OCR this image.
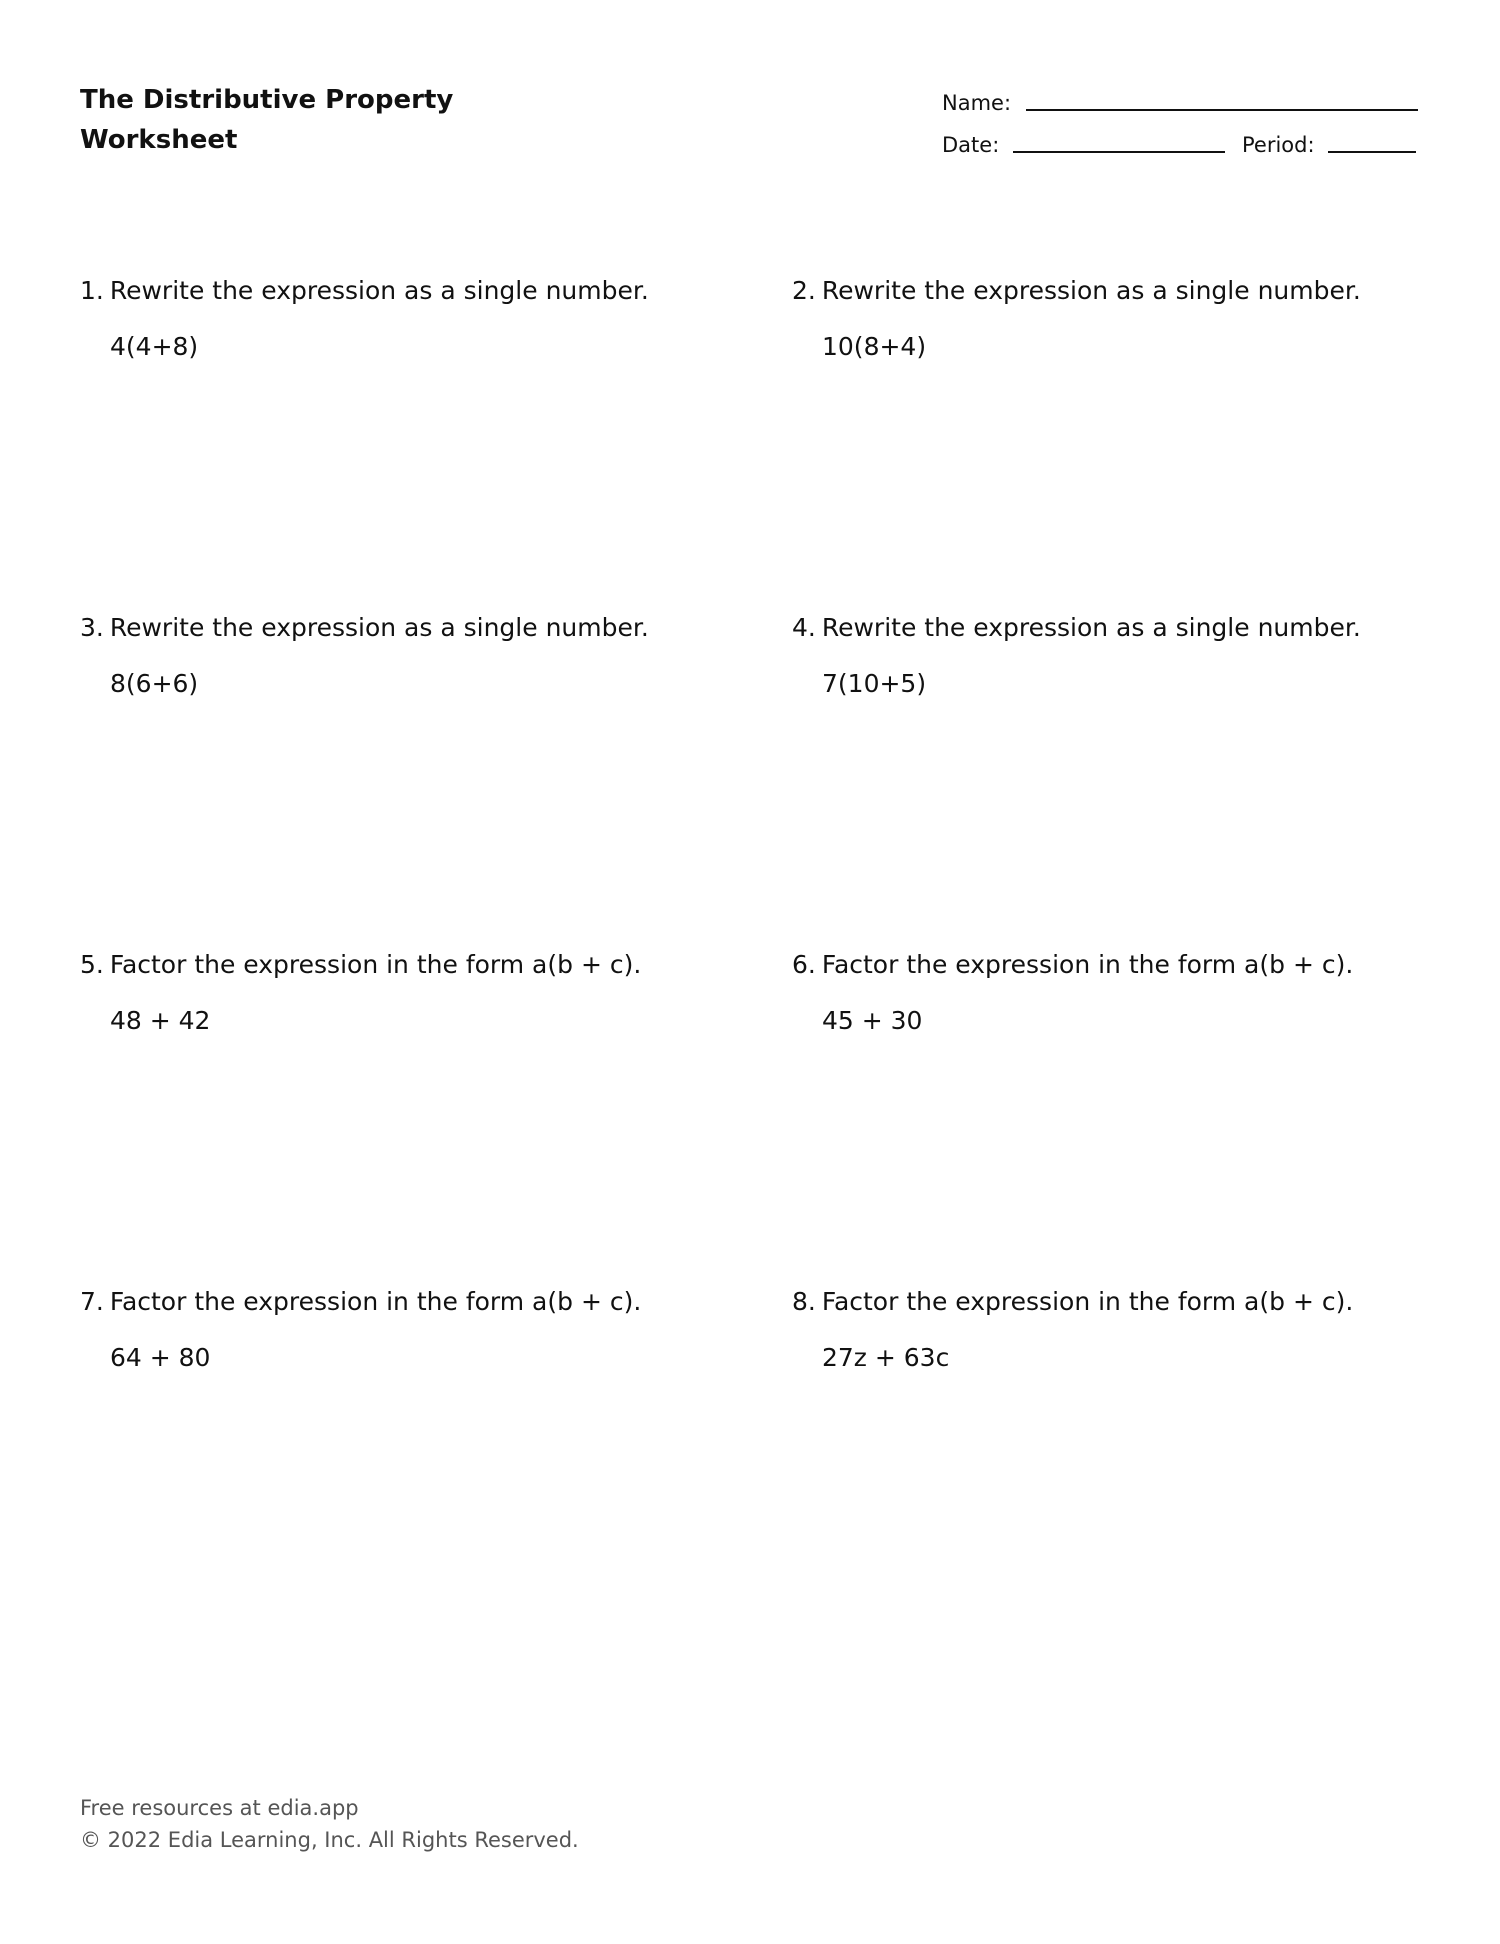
The Distributive Property
Worksheet
Name:
Date:	Period:
1. Rewrite the expression as a single number.
4(4+8)
2. Rewrite the expression as a single number.
10(8+4)
3. Rewrite the expression as a single number.
8(6+6)
4. Rewrite the expression as a single number.
7(10+5)
5. Factor the expression in the form a(b + c).
48 + 42
6. Factor the expression in the form a(b + c).
45 + 30
7. Factor the expression in the form a(b + c).
64 + 80
8. Factor the expression in the form a(b + c).
27z + 63c
Free resources at edia.app
© 2022 Edia Learning, Inc. All Rights Reserved.
